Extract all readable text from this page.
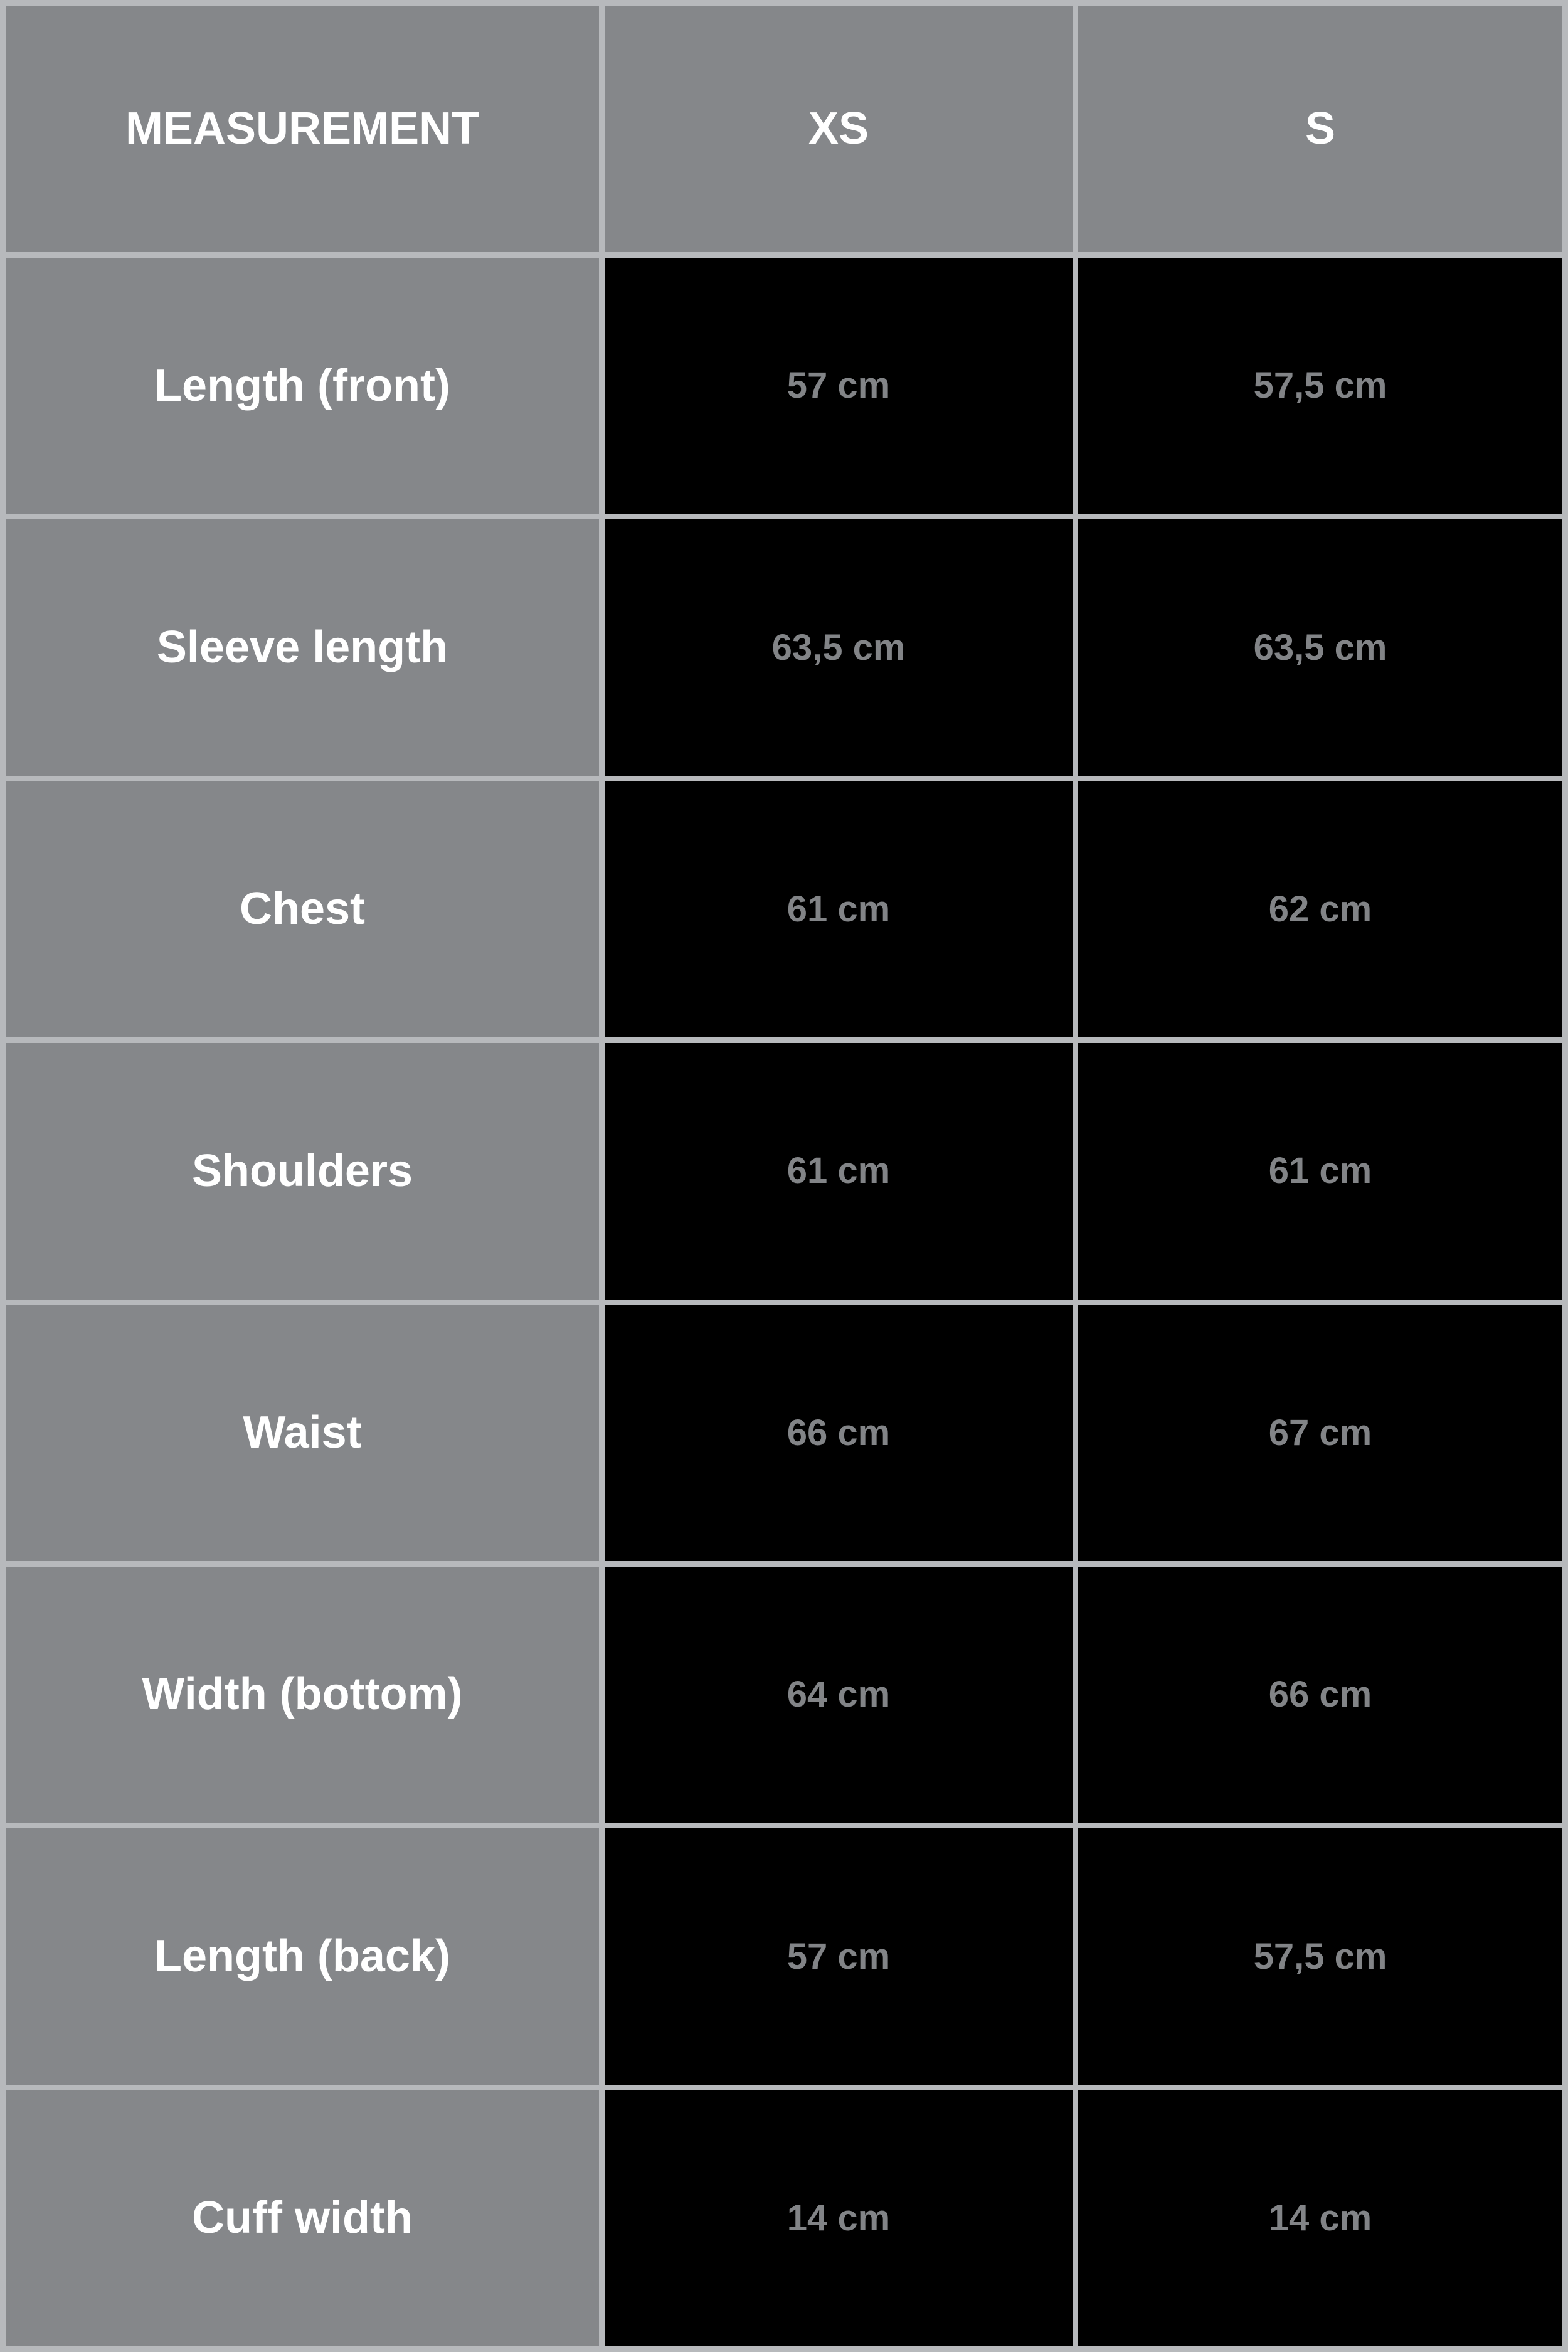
MEASUREMENT	XS	S
Length (front)	57 cm	57,5 cm
Sleeve length	63,5 cm	63,5 cm
Chest	61 cm	62 cm
Shoulders	61 cm	61 cm
Waist	66 cm	67 cm
Width (bottom)	64 cm	66 cm
Length (back)	57 cm	57,5 cm
Cuff width	14 cm	14 cm
